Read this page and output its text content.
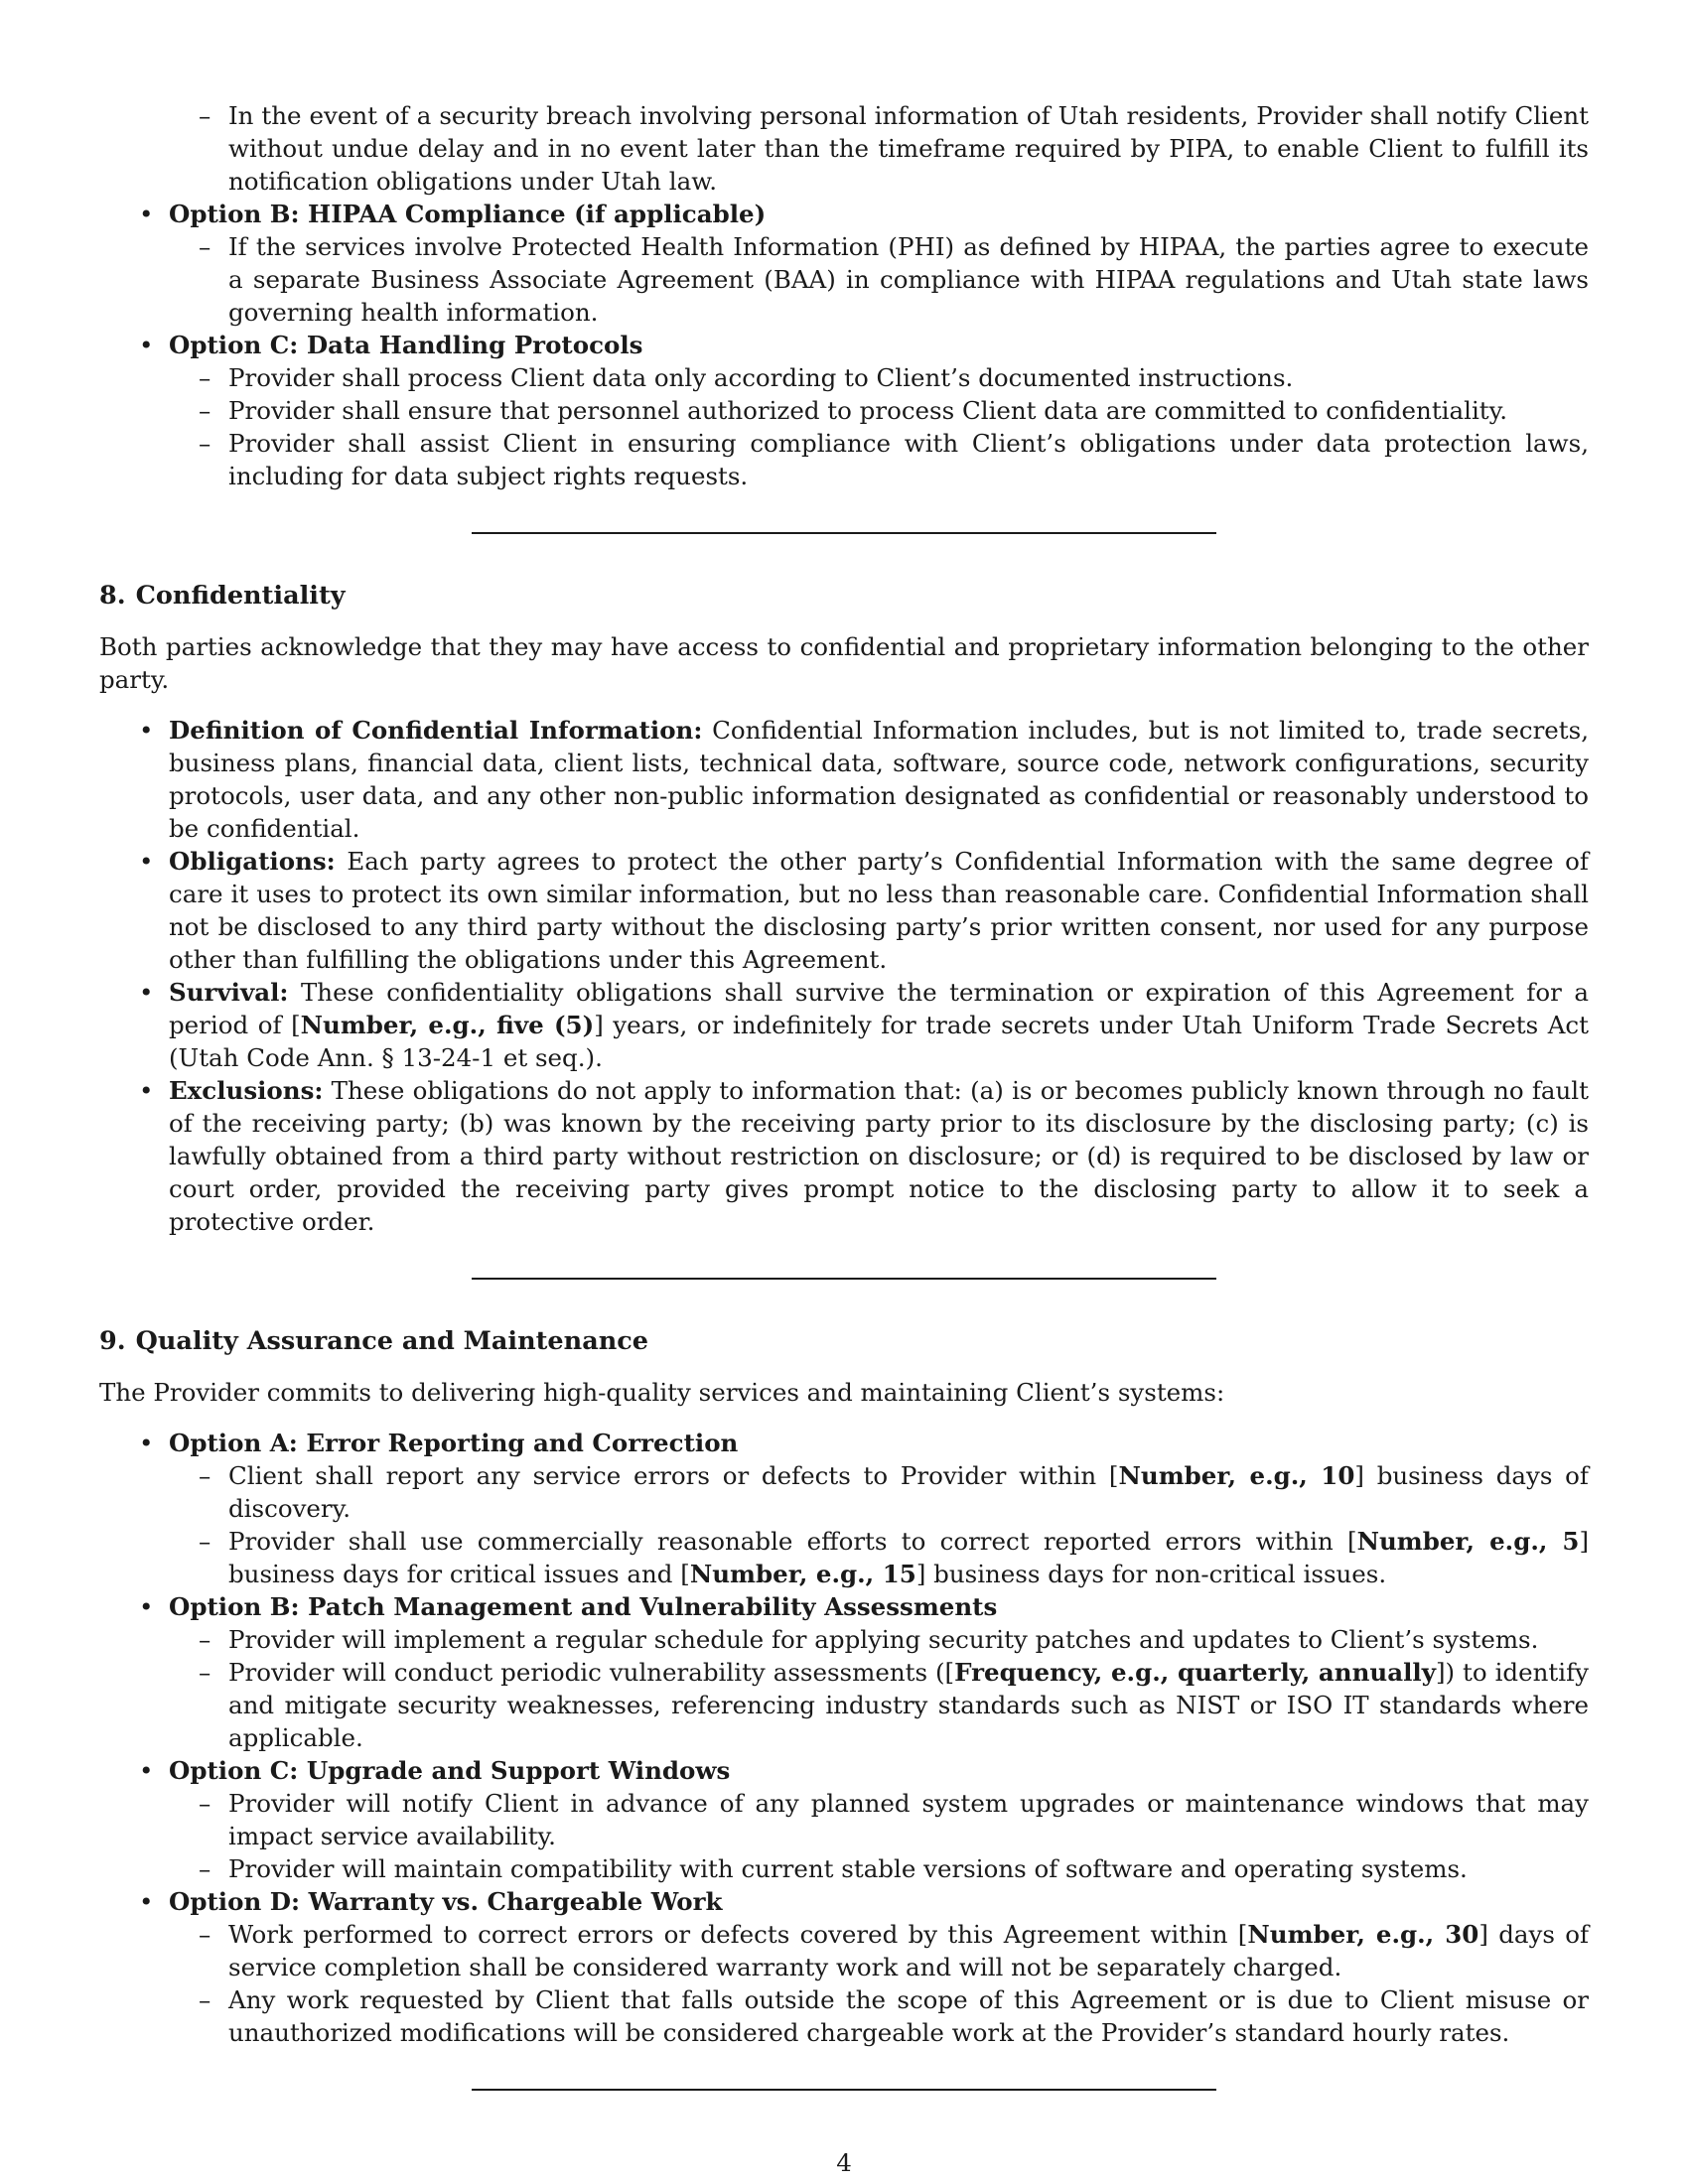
– In the event of a security breach involving personal information of Utah residents, Provider shall notify Client without undue delay and in no event later than the timeframe required by PIPA, to enable Client to fulfill its notification obligations under Utah law.
• Option B: HIPAA Compliance (if applicable)
– If the services involve Protected Health Information (PHI) as defined by HIPAA, the parties agree to execute a separate Business Associate Agreement (BAA) in compliance with HIPAA regulations and Utah state laws governing health information.
• Option C: Data Handling Protocols
– Provider shall process Client data only according to Client’s documented instructions.
– Provider shall ensure that personnel authorized to process Client data are committed to confidentiality.
– Provider shall assist Client in ensuring compliance with Client’s obligations under data protection laws, including for data subject rights requests.
8. Confidentiality

Both parties acknowledge that they may have access to confidential and proprietary information belonging to the other party.

• Definition of Confidential Information: Confidential Information includes, but is not limited to, trade secrets, business plans, financial data, client lists, technical data, software, source code, network configurations, security protocols, user data, and any other non-public information designated as confidential or reasonably understood to be confidential.
• Obligations: Each party agrees to protect the other party’s Confidential Information with the same degree of care it uses to protect its own similar information, but no less than reasonable care. Confidential Information shall not be disclosed to any third party without the disclosing party’s prior written consent, nor used for any purpose other than fulfilling the obligations under this Agreement.
• Survival: These confidentiality obligations shall survive the termination or expiration of this Agreement for a period of [Number, e.g., five (5)] years, or indefinitely for trade secrets under Utah Uniform Trade Secrets Act (Utah Code Ann. § 13-24-1 et seq.).
• Exclusions: These obligations do not apply to information that: (a) is or becomes publicly known through no fault of the receiving party; (b) was known by the receiving party prior to its disclosure by the disclosing party; (c) is lawfully obtained from a third party without restriction on disclosure; or (d) is required to be disclosed by law or court order, provided the receiving party gives prompt notice to the disclosing party to allow it to seek a protective order.
9. Quality Assurance and Maintenance

The Provider commits to delivering high-quality services and maintaining Client’s systems:

• Option A: Error Reporting and Correction
– Client shall report any service errors or defects to Provider within [Number, e.g., 10] business days of discovery.
– Provider shall use commercially reasonable efforts to correct reported errors within [Number, e.g., 5] business days for critical issues and [Number, e.g., 15] business days for non-critical issues.
• Option B: Patch Management and Vulnerability Assessments
– Provider will implement a regular schedule for applying security patches and updates to Client’s systems.
– Provider will conduct periodic vulnerability assessments ([Frequency, e.g., quarterly, annually]) to identify and mitigate security weaknesses, referencing industry standards such as NIST or ISO IT standards where applicable.
• Option C: Upgrade and Support Windows
– Provider will notify Client in advance of any planned system upgrades or maintenance windows that may impact service availability.
– Provider will maintain compatibility with current stable versions of software and operating systems.
• Option D: Warranty vs. Chargeable Work
– Work performed to correct errors or defects covered by this Agreement within [Number, e.g., 30] days of service completion shall be considered warranty work and will not be separately charged.
– Any work requested by Client that falls outside the scope of this Agreement or is due to Client misuse or unauthorized modifications will be considered chargeable work at the Provider’s standard hourly rates.
4
